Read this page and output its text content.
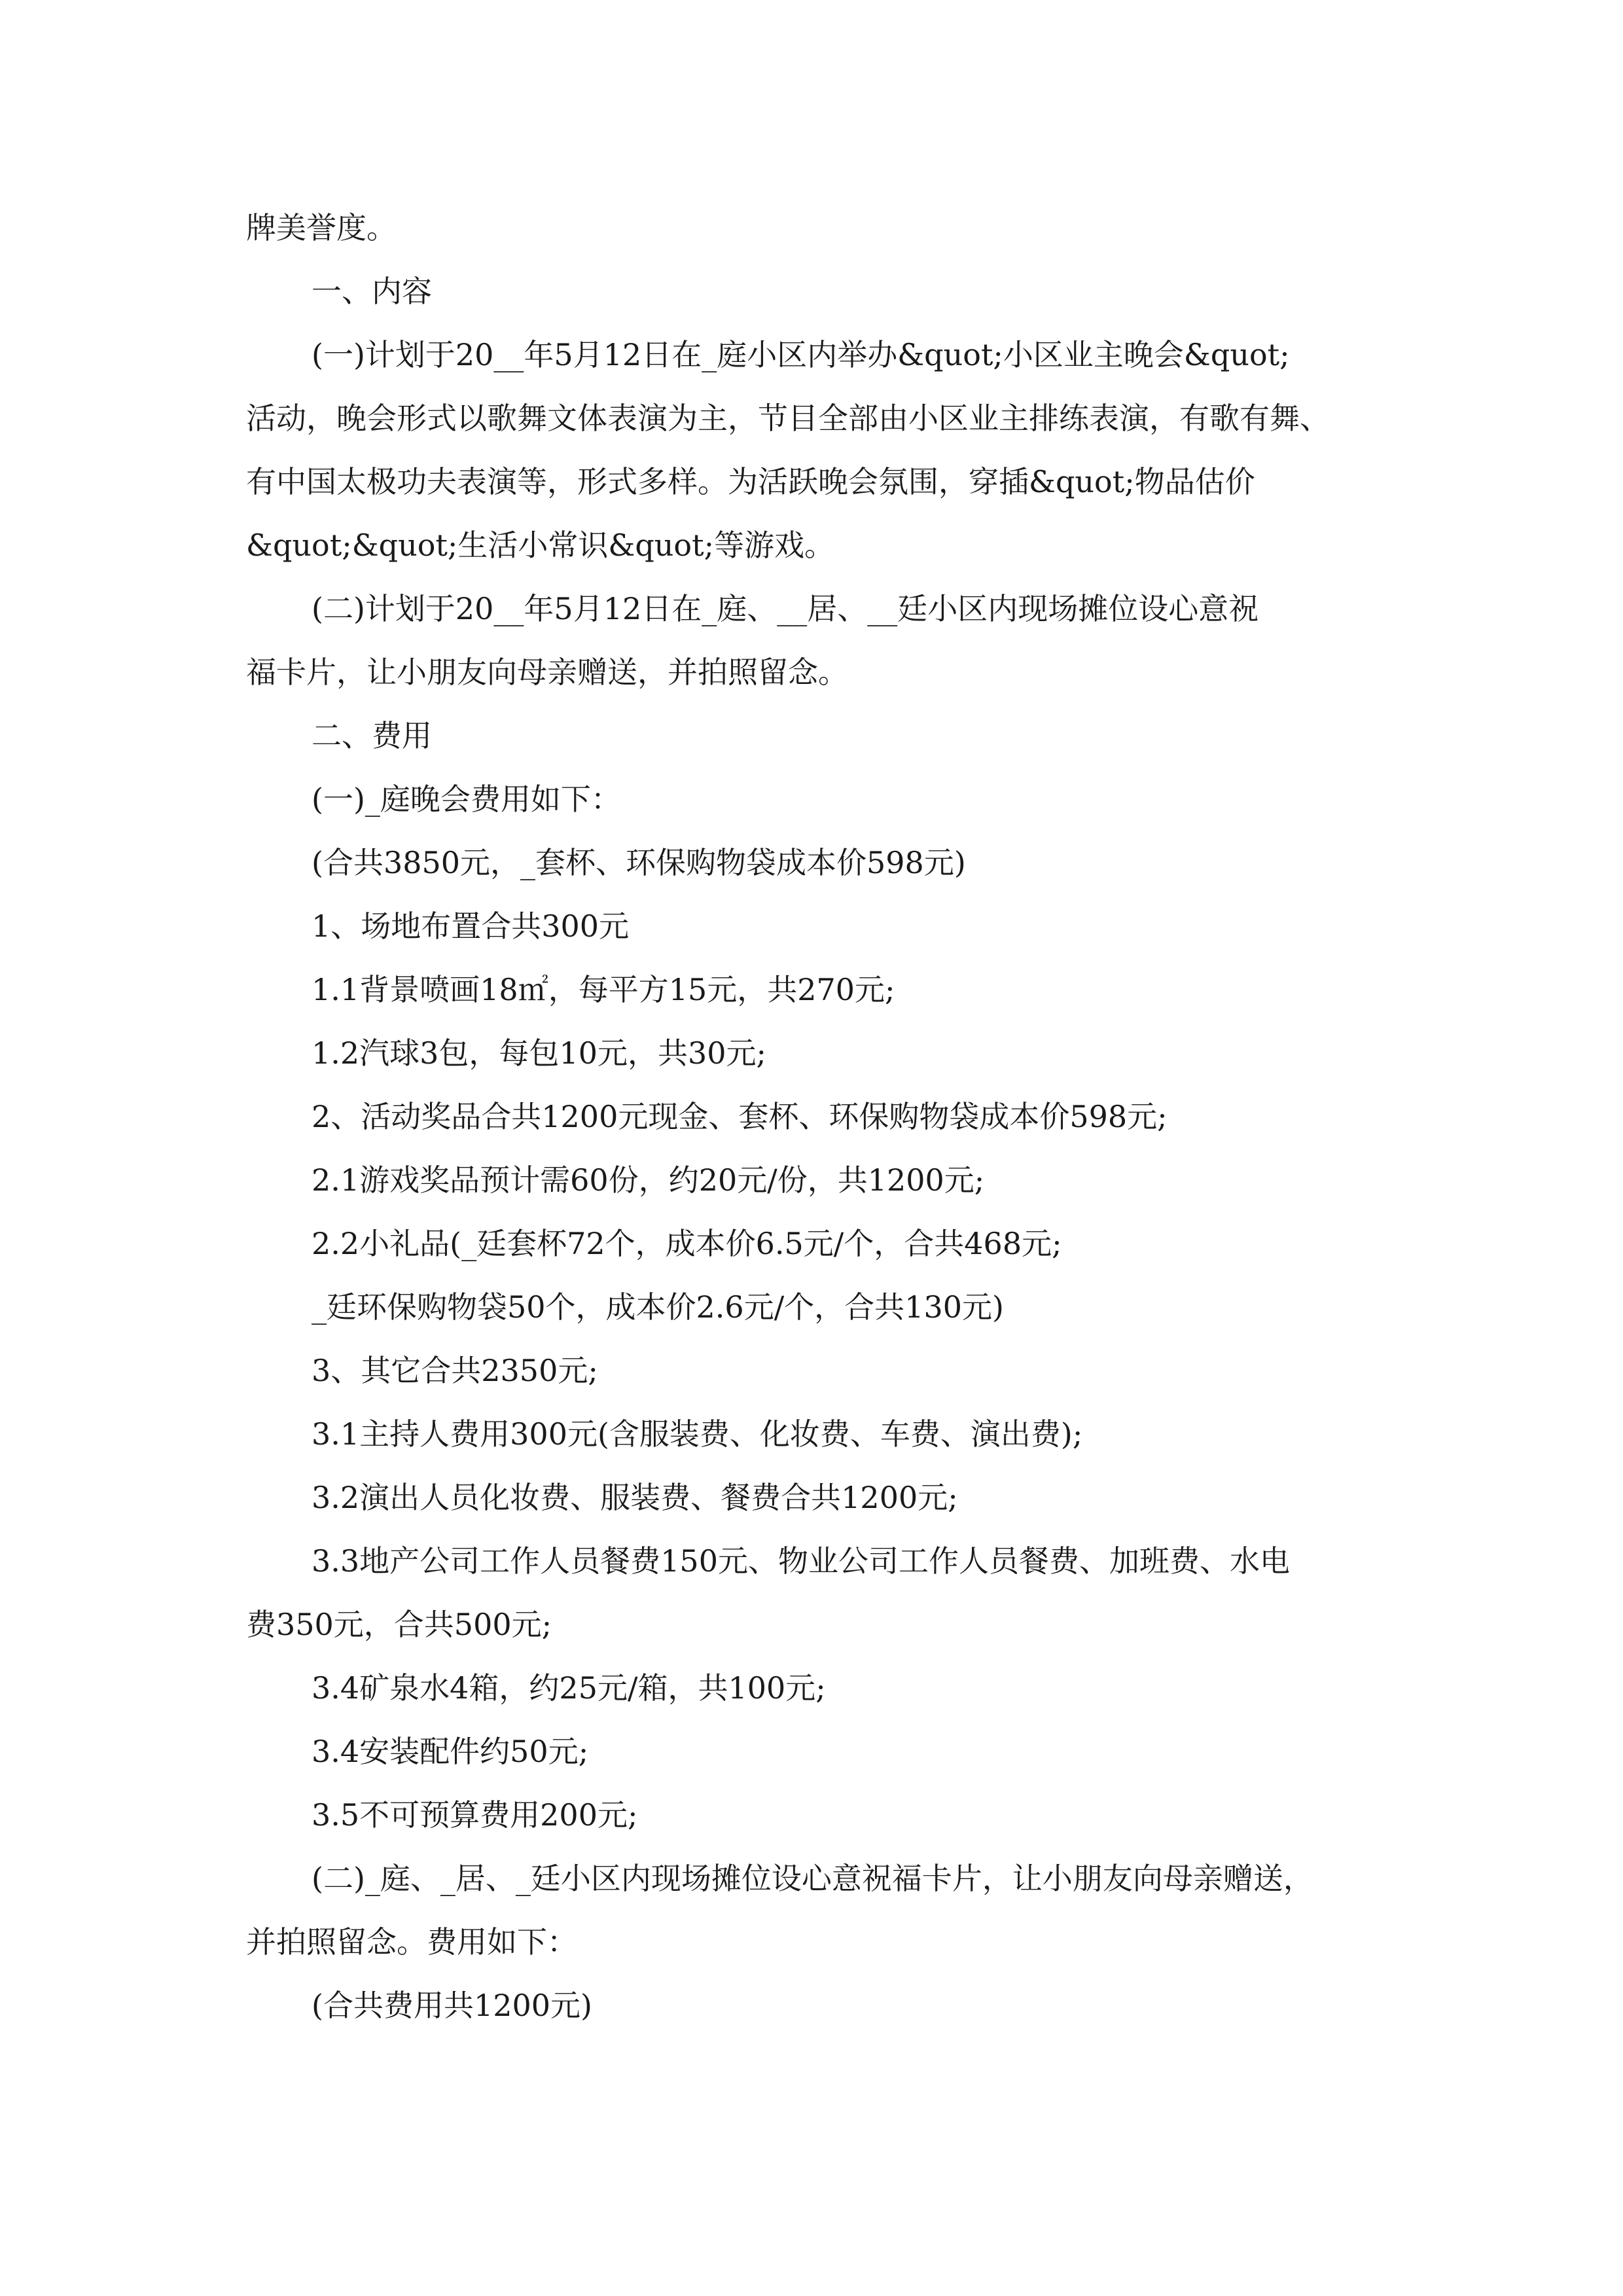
牌美誉度。

一、内容

(一)计划于20__年5月12日在_庭小区内举办&quot;小区业主晚会&quot;

活动，晚会形式以歌舞文体表演为主，节目全部由小区业主排练表演，有歌有舞、

有中国太极功夫表演等，形式多样。为活跃晚会氛围，穿插&quot;物品估价

&quot;&quot;生活小常识&quot;等游戏。

(二)计划于20__年5月12日在_庭、__居、__廷小区内现场摊位设心意祝

福卡片，让小朋友向母亲赠送，并拍照留念。

二、费用

(一)_庭晚会费用如下：

(合共3850元，_套杯、环保购物袋成本价598元)

1、场地布置合共300元

1.1背景喷画18㎡，每平方15元，共270元;

1.2汽球3包，每包10元，共30元;

2、活动奖品合共1200元现金、套杯、环保购物袋成本价598元;

2.1游戏奖品预计需60份，约20元/份，共1200元;

2.2小礼品(_廷套杯72个，成本价6.5元/个，合共468元;

_廷环保购物袋50个，成本价2.6元/个，合共130元)

3、其它合共2350元;

3.1主持人费用300元(含服装费、化妆费、车费、演出费);

3.2演出人员化妆费、服装费、餐费合共1200元;

3.3地产公司工作人员餐费150元、物业公司工作人员餐费、加班费、水电

费350元，合共500元;

3.4矿泉水4箱，约25元/箱，共100元;

3.4安装配件约50元;

3.5不可预算费用200元;

(二)_庭、_居、_廷小区内现场摊位设心意祝福卡片，让小朋友向母亲赠送，

并拍照留念。费用如下：

(合共费用共1200元)
